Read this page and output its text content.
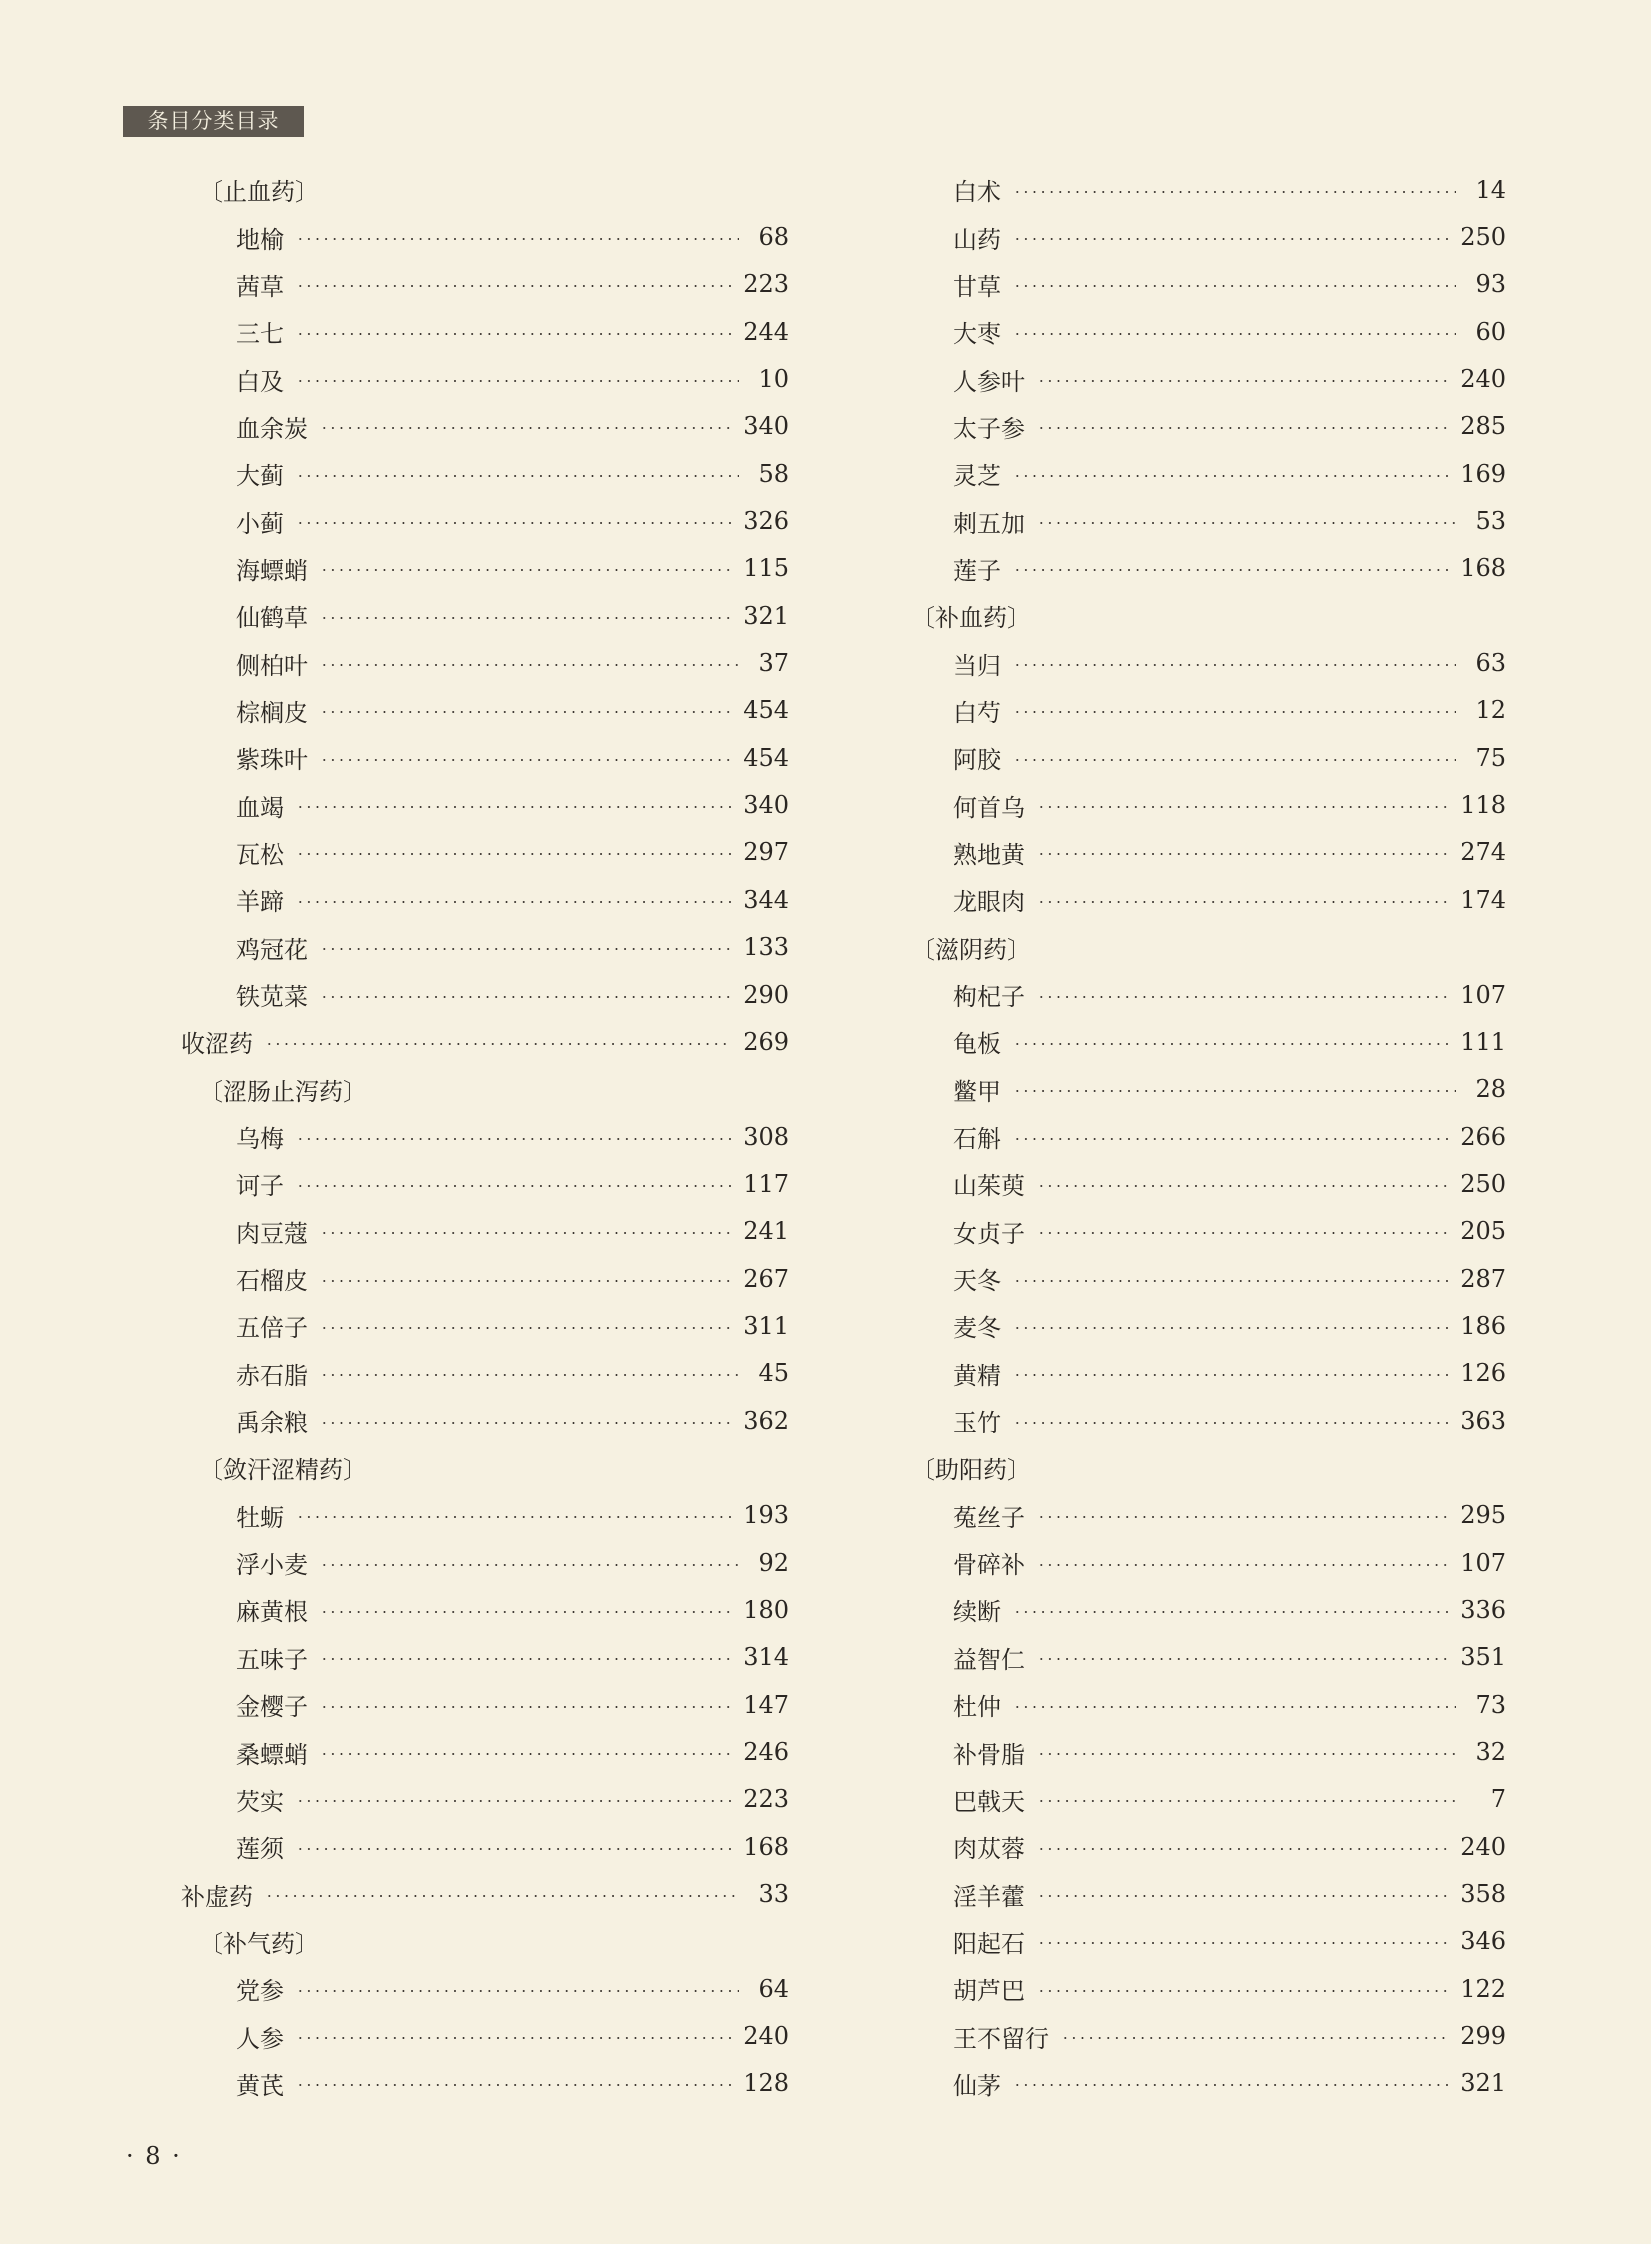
条目分类目录
〔止血药〕
地榆	68
茜草	223
三七	244
白及	10
血余炭	340
大蓟	58
小蓟	326
海螵蛸	115
仙鹤草	321
侧柏叶	37
棕榈皮	454
紫珠叶	454
血竭	340
瓦松	297
羊蹄	344
鸡冠花	133
铁苋菜	290
收涩药	269
〔涩肠止泻药〕
乌梅	308
诃子	117
肉豆蔻	241
石榴皮	267
五倍子	311
赤石脂	45
禹余粮	362
〔敛汗涩精药〕
牡蛎	193
浮小麦	92
麻黄根	180
五味子	314
金樱子	147
桑螵蛸	246
芡实	223
莲须	168
补虚药	33
〔补气药〕
党参	64
人参	240
黄芪	128
白术	14
山药	250
甘草	93
大枣	60
人参叶	240
太子参	285
灵芝	169
刺五加	53
莲子	168
〔补血药〕
当归	63
白芍	12
阿胶	75
何首乌	118
熟地黄	274
龙眼肉	174
〔滋阴药〕
枸杞子	107
龟板	111
鳖甲	28
石斛	266
山茱萸	250
女贞子	205
天冬	287
麦冬	186
黄精	126
玉竹	363
〔助阳药〕
菟丝子	295
骨碎补	107
续断	336
益智仁	351
杜仲	73
补骨脂	32
巴戟天	7
肉苁蓉	240
淫羊藿	358
阳起石	346
胡芦巴	122
王不留行	299
仙茅	321
· 8 ·
